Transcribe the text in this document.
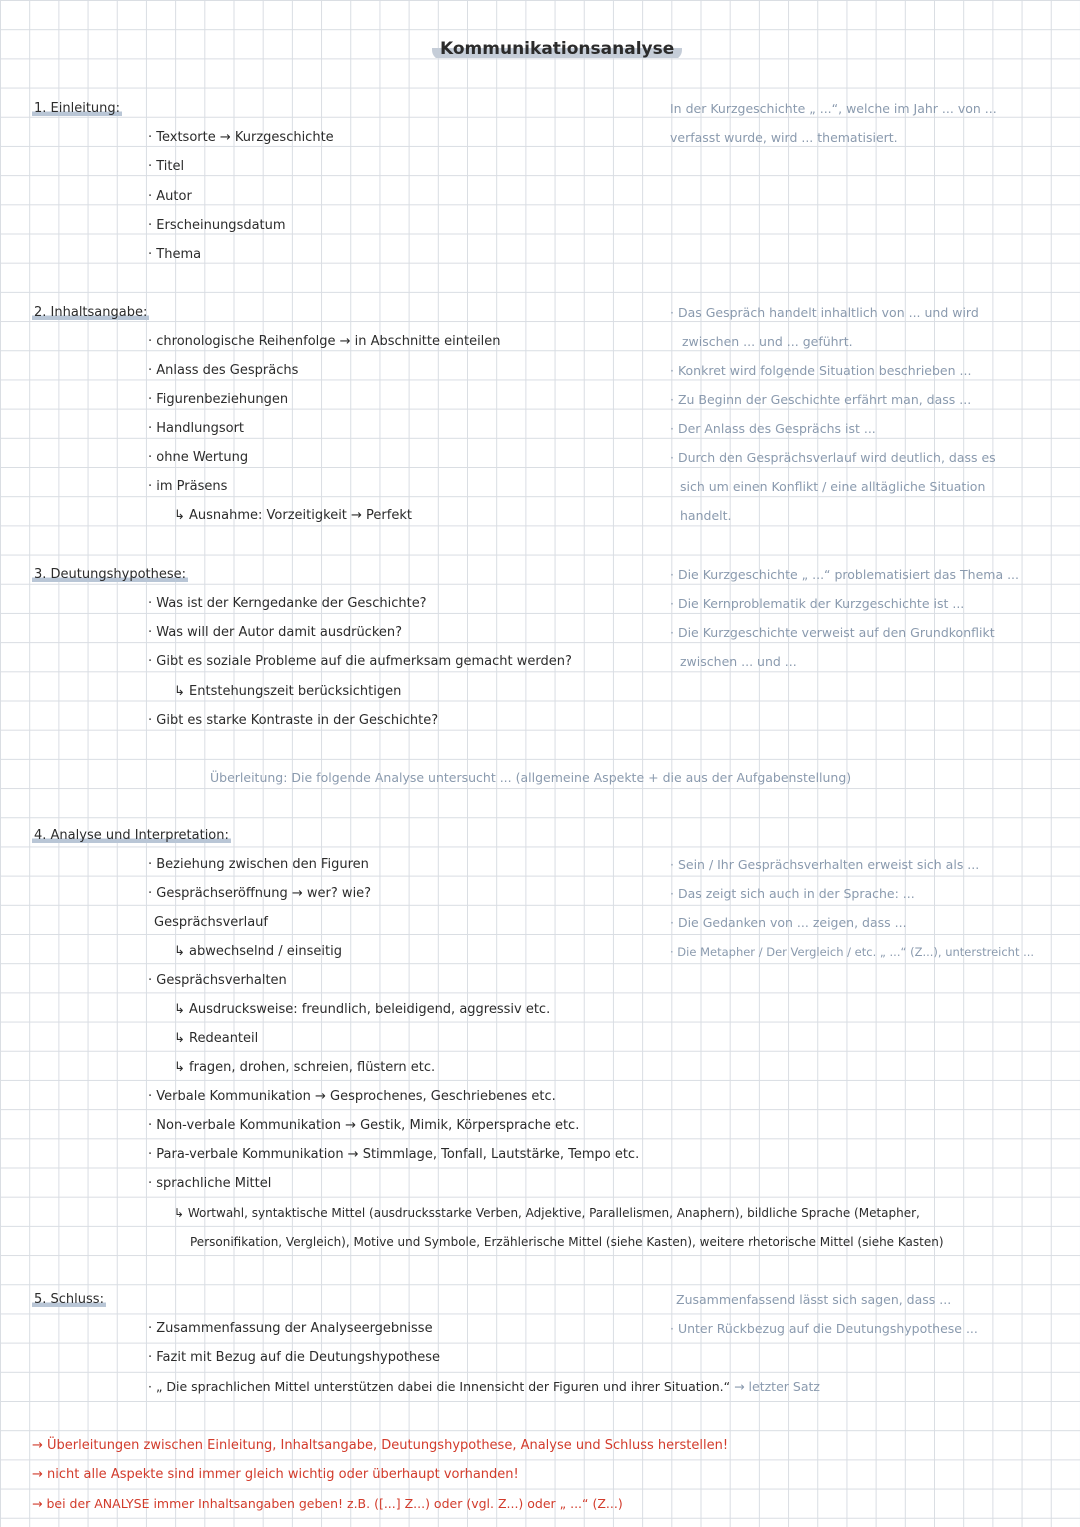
Kommunikationsanalyse
1. Einleitung:
· Textsorte → Kurzgeschichte
· Titel
· Autor
· Erscheinungsdatum
· Thema
In der Kurzgeschichte „ ...“, welche im Jahr ... von ...
verfasst wurde, wird ... thematisiert.
2. Inhaltsangabe:
· chronologische Reihenfolge → in Abschnitte einteilen
· Anlass des Gesprächs
· Figurenbeziehungen
· Handlungsort
· ohne Wertung
· im Präsens
↳ Ausnahme: Vorzeitigkeit → Perfekt
· Das Gespräch handelt inhaltlich von ... und wird
zwischen ... und ... geführt.
· Konkret wird folgende Situation beschrieben ...
· Zu Beginn der Geschichte erfährt man, dass ...
· Der Anlass des Gesprächs ist ...
· Durch den Gesprächsverlauf wird deutlich, dass es
sich um einen Konflikt / eine alltägliche Situation
handelt.
3. Deutungshypothese:
· Was ist der Kerngedanke der Geschichte?
· Was will der Autor damit ausdrücken?
· Gibt es soziale Probleme auf die aufmerksam gemacht werden?
↳ Entstehungszeit berücksichtigen
· Gibt es starke Kontraste in der Geschichte?
· Die Kurzgeschichte „ ...“ problematisiert das Thema ...
· Die Kernproblematik der Kurzgeschichte ist ...
· Die Kurzgeschichte verweist auf den Grundkonflikt
zwischen ... und ...
Überleitung: Die folgende Analyse untersucht ... (allgemeine Aspekte + die aus der Aufgabenstellung)
4. Analyse und Interpretation:
· Beziehung zwischen den Figuren
· Gesprächseröffnung → wer? wie?
Gesprächsverlauf
↳ abwechselnd / einseitig
· Gesprächsverhalten
↳ Ausdrucksweise: freundlich, beleidigend, aggressiv etc.
↳ Redeanteil
↳ fragen, drohen, schreien, flüstern etc.
· Verbale Kommunikation → Gesprochenes, Geschriebenes etc.
· Non-verbale Kommunikation → Gestik, Mimik, Körpersprache etc.
· Para-verbale Kommunikation → Stimmlage, Tonfall, Lautstärke, Tempo etc.
· sprachliche Mittel
↳ Wortwahl, syntaktische Mittel (ausdrucksstarke Verben, Adjektive, Parallelismen, Anaphern), bildliche Sprache (Metapher,
Personifikation, Vergleich), Motive und Symbole, Erzählerische Mittel (siehe Kasten), weitere rhetorische Mittel (siehe Kasten)
· Sein / Ihr Gesprächsverhalten erweist sich als ...
· Das zeigt sich auch in der Sprache: ...
· Die Gedanken von ... zeigen, dass ...
· Die Metapher / Der Vergleich / etc. „ ...“ (Z...), unterstreicht ...
5. Schluss:
· Zusammenfassung der Analyseergebnisse
· Fazit mit Bezug auf die Deutungshypothese
· „ Die sprachlichen Mittel unterstützen dabei die Innensicht der Figuren und ihrer Situation.“ → letzter Satz
Zusammenfassend lässt sich sagen, dass ...
· Unter Rückbezug auf die Deutungshypothese ...
→ Überleitungen zwischen Einleitung, Inhaltsangabe, Deutungshypothese, Analyse und Schluss herstellen!
→ nicht alle Aspekte sind immer gleich wichtig oder überhaupt vorhanden!
→ bei der ANALYSE immer Inhaltsangaben geben! z.B. ([...] Z...) oder (vgl. Z...) oder „ ...“ (Z...)
